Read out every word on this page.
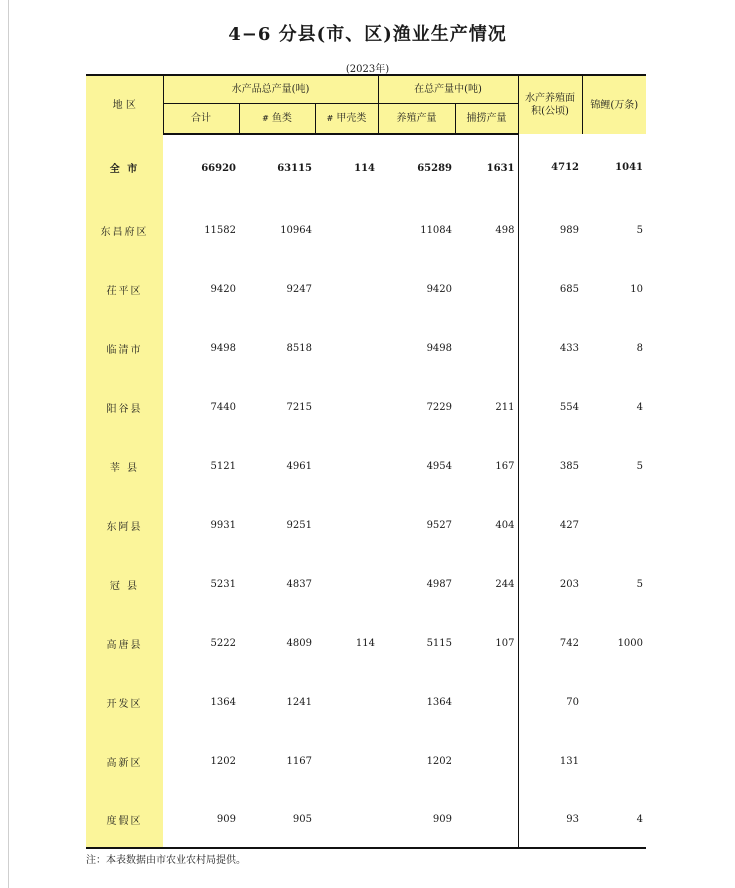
4−6 分县(市、区)渔业生产情况
(2023年)
地 区	水产品总产量(吨)			在总产量中(吨)		水产养殖面 积(公顷)	锦鲤(万条)
	合计	# 鱼类	# 甲壳类	养殖产量	捕捞产量		
全 市	66920	63115	114	65289	1631	4712	1041
东昌府区	11582	10964		11084	498	989	5
茌平区	9420	9247		9420		685	10
临清市	9498	8518		9498		433	8
阳谷县	7440	7215		7229	211	554	4
莘 县	5121	4961		4954	167	385	5
东阿县	9931	9251		9527	404	427	
冠 县	5231	4837		4987	244	203	5
高唐县	5222	4809	114	5115	107	742	1000
开发区	1364	1241		1364		70	
高新区	1202	1167		1202		131	
度假区	909	905		909		93	4
注：本表数据由市农业农村局提供。
